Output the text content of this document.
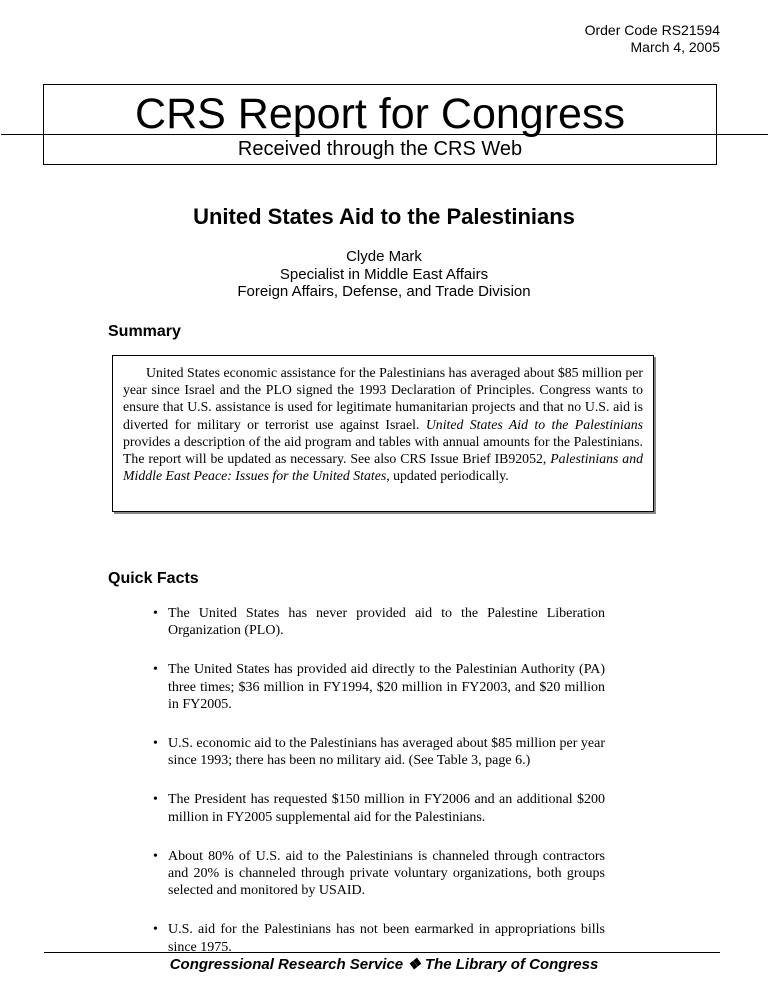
Order Code RS21594
March 4, 2005
CRS Report for Congress
Received through the CRS Web
United States Aid to the Palestinians
Clyde Mark
Specialist in Middle East Affairs
Foreign Affairs, Defense, and Trade Division
Summary

United States economic assistance for the Palestinians has averaged about $85 million per year since Israel and the PLO signed the 1993 Declaration of Principles. Congress wants to ensure that U.S. assistance is used for legitimate humanitarian projects and that no U.S. aid is diverted for military or terrorist use against Israel. United States Aid to the Palestinians provides a description of the aid program and tables with annual amounts for the Palestinians. The report will be updated as necessary. See also CRS Issue Brief IB92052, Palestinians and Middle East Peace: Issues for the United States, updated periodically.

Quick Facts
• The United States has never provided aid to the Palestine Liberation Organization (PLO).
• The United States has provided aid directly to the Palestinian Authority (PA) three times; $36 million in FY1994, $20 million in FY2003, and $20 million in FY2005.
• U.S. economic aid to the Palestinians has averaged about $85 million per year since 1993; there has been no military aid. (See Table 3, page 6.)
• The President has requested $150 million in FY2006 and an additional $200 million in FY2005 supplemental aid for the Palestinians.
• About 80% of U.S. aid to the Palestinians is channeled through contractors and 20% is channeled through private voluntary organizations, both groups selected and monitored by USAID.
• U.S. aid for the Palestinians has not been earmarked in appropriations bills since 1975.
Congressional Research Service ❖ The Library of Congress
